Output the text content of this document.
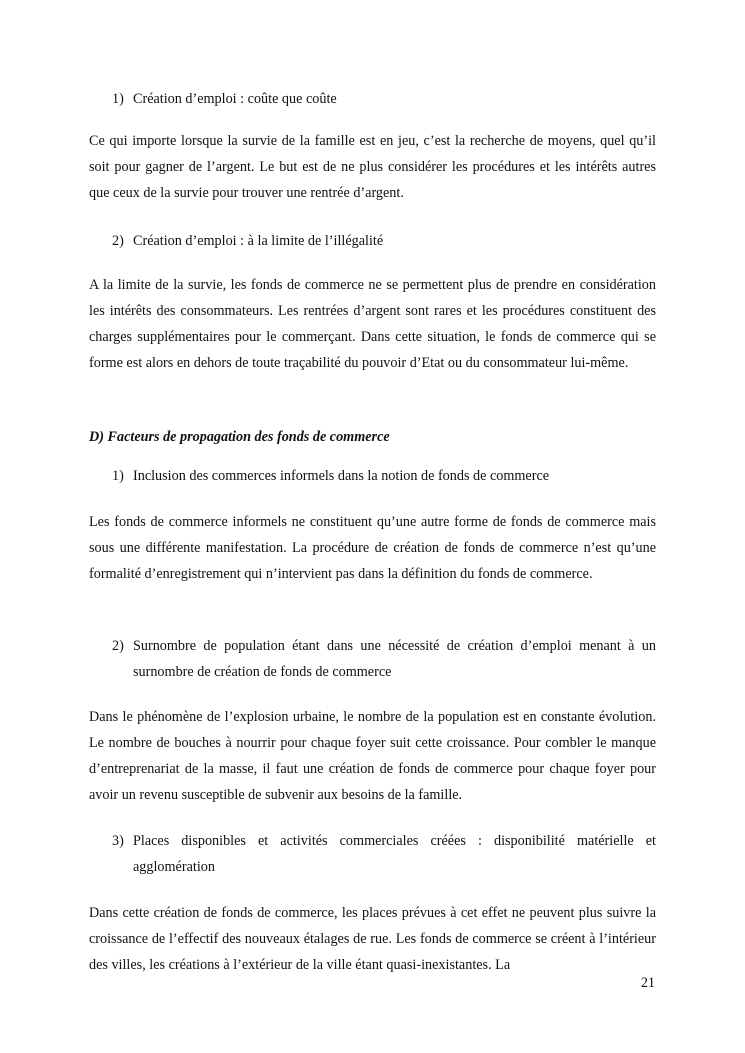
1) Création d’emploi : coûte que coûte

Ce qui importe lorsque la survie de la famille est en jeu, c’est la recherche de moyens, quel qu’il soit pour gagner de l’argent. Le but est de ne plus considérer les procédures et les intérêts autres que ceux de la survie pour trouver une rentrée d’argent.

2) Création d’emploi : à la limite de l’illégalité

A la limite de la survie, les fonds de commerce ne se permettent plus de prendre en considération les intérêts des consommateurs. Les rentrées d’argent sont rares et les procédures constituent des charges supplémentaires pour le commerçant. Dans cette situation, le fonds de commerce qui se forme est alors en dehors de toute traçabilité du pouvoir d’Etat ou du consommateur lui-même.

D) Facteurs de propagation des fonds de commerce
1) Inclusion des commerces informels dans la notion de fonds de commerce

Les fonds de commerce informels ne constituent qu’une autre forme de fonds de commerce mais sous une différente manifestation. La procédure de création de fonds de commerce n’est qu’une formalité d’enregistrement qui n’intervient pas dans la définition du fonds de commerce.

2) Surnombre de population étant dans une nécessité de création d’emploi menant à un surnombre de création de fonds de commerce

Dans le phénomène de l’explosion urbaine, le nombre de la population est en constante évolution. Le nombre de bouches à nourrir pour chaque foyer suit cette croissance. Pour combler le manque d’entreprenariat de la masse, il faut une création de fonds de commerce pour chaque foyer pour avoir un revenu susceptible de subvenir aux besoins de la famille.

3) Places disponibles et activités commerciales créées : disponibilité matérielle et agglomération

Dans cette création de fonds de commerce, les places prévues à cet effet ne peuvent plus suivre la croissance de l’effectif des nouveaux étalages de rue. Les fonds de commerce se créent à l’intérieur des villes, les créations à l’extérieur de la ville étant quasi-inexistantes. La

21
